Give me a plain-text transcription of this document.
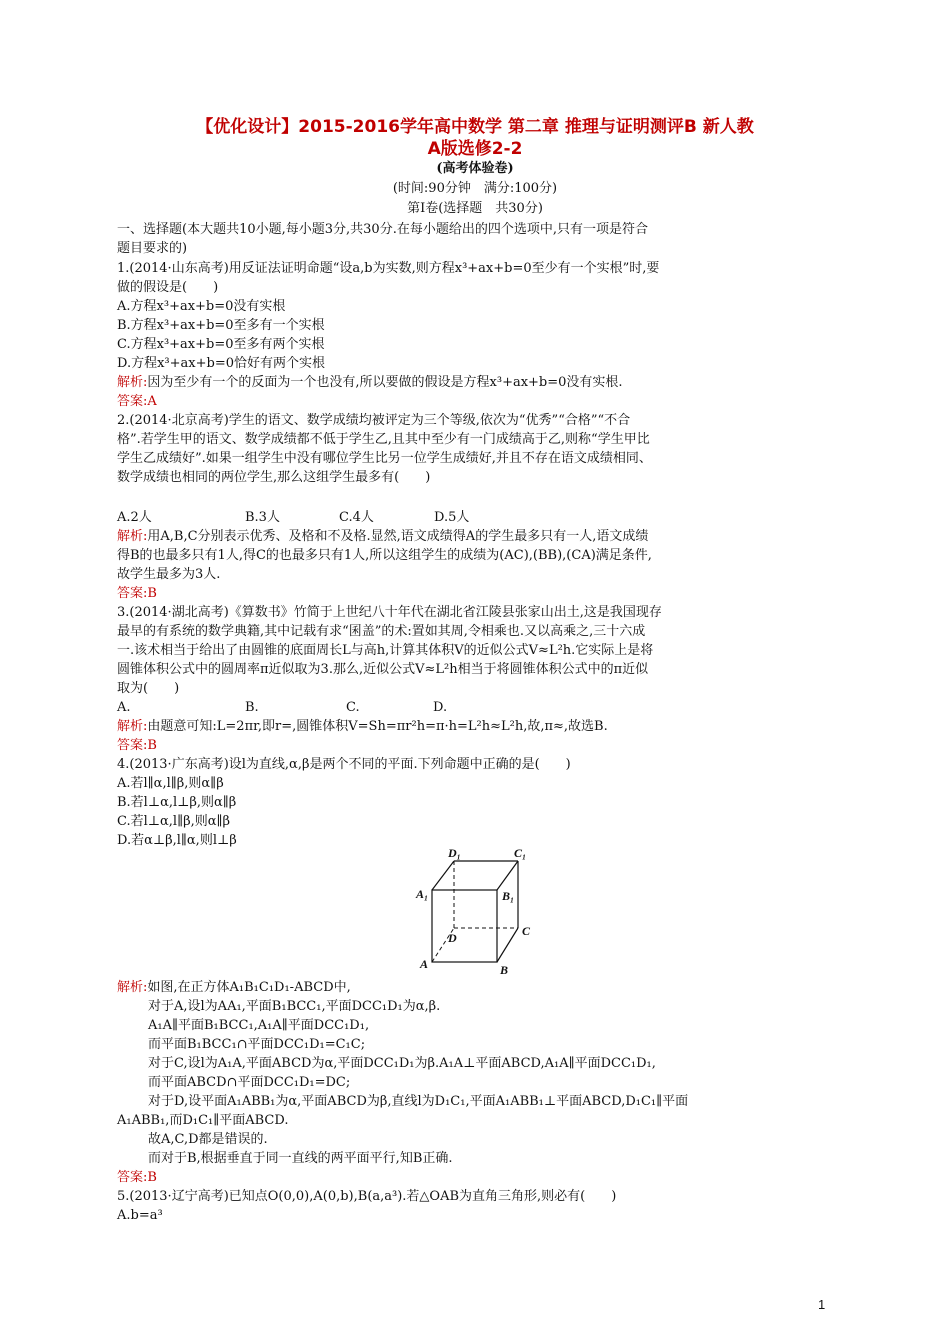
【优化设计】2015-2016学年高中数学 第二章 推理与证明测评B 新人教
A版选修2-2
(高考体验卷)
(时间:90分钟　满分:100分)
第I卷(选择题　共30分)
一、选择题(本大题共10小题,每小题3分,共30分.在每小题给出的四个选项中,只有一项是符合
题目要求的)
1.(2014·山东高考)用反证法证明命题“设a,b为实数,则方程x³+ax+b=0至少有一个实根”时,要
做的假设是(　　)
A.方程x³+ax+b=0没有实根
B.方程x³+ax+b=0至多有一个实根
C.方程x³+ax+b=0至多有两个实根
D.方程x³+ax+b=0恰好有两个实根
解析:因为至少有一个的反面为一个也没有,所以要做的假设是方程x³+ax+b=0没有实根.
答案:A
2.(2014·北京高考)学生的语文、数学成绩均被评定为三个等级,依次为“优秀”“合格”“不合
格”.若学生甲的语文、数学成绩都不低于学生乙,且其中至少有一门成绩高于乙,则称“学生甲比
学生乙成绩好”.如果一组学生中没有哪位学生比另一位学生成绩好,并且不存在语文成绩相同、
数学成绩也相同的两位学生,那么这组学生最多有(　　)
A.2人	B.3人	C.4人	D.5人
解析:用A,B,C分别表示优秀、及格和不及格.显然,语文成绩得A的学生最多只有一人,语文成绩
得B的也最多只有1人,得C的也最多只有1人,所以这组学生的成绩为(AC),(BB),(CA)满足条件,
故学生最多为3人.
答案:B
3.(2014·湖北高考)《算数书》竹简于上世纪八十年代在湖北省江陵县张家山出土,这是我国现存
最早的有系统的数学典籍,其中记载有求“囷盖”的术:置如其周,令相乘也.又以高乘之,三十六成
一.该术相当于给出了由圆锥的底面周长L与高h,计算其体积V的近似公式V≈L²h.它实际上是将
圆锥体积公式中的圆周率π近似取为3.那么,近似公式V≈L²h相当于将圆锥体积公式中的π近似
取为(　　)
A.	B.	C.	D.
解析:由题意可知:L=2πr,即r=,圆锥体积V=Sh=πr²h=π·h=L²h≈L²h,故,π≈,故选B.
答案:B
4.(2013·广东高考)设l为直线,α,β是两个不同的平面.下列命题中正确的是(　　)
A.若l∥α,l∥β,则α∥β
B.若l⊥α,l⊥β,则α∥β
C.若l⊥α,l∥β,则α∥β
D.若α⊥β,l∥α,则l⊥β
D₁	C₁
A₁	B₁
C
D
A	B
解析:如图,在正方体A₁B₁C₁D₁-ABCD中,
对于A,设l为AA₁,平面B₁BCC₁,平面DCC₁D₁为α,β.
A₁A∥平面B₁BCC₁,A₁A∥平面DCC₁D₁,
而平面B₁BCC₁∩平面DCC₁D₁=C₁C;
对于C,设l为A₁A,平面ABCD为α,平面DCC₁D₁为β.A₁A⊥平面ABCD,A₁A∥平面DCC₁D₁,
而平面ABCD∩平面DCC₁D₁=DC;
对于D,设平面A₁ABB₁为α,平面ABCD为β,直线l为D₁C₁,平面A₁ABB₁⊥平面ABCD,D₁C₁∥平面
A₁ABB₁,而D₁C₁∥平面ABCD.
故A,C,D都是错误的.
而对于B,根据垂直于同一直线的两平面平行,知B正确.
答案:B
5.(2013·辽宁高考)已知点O(0,0),A(0,b),B(a,a³).若△OAB为直角三角形,则必有(　　)
A.b=a³
1
